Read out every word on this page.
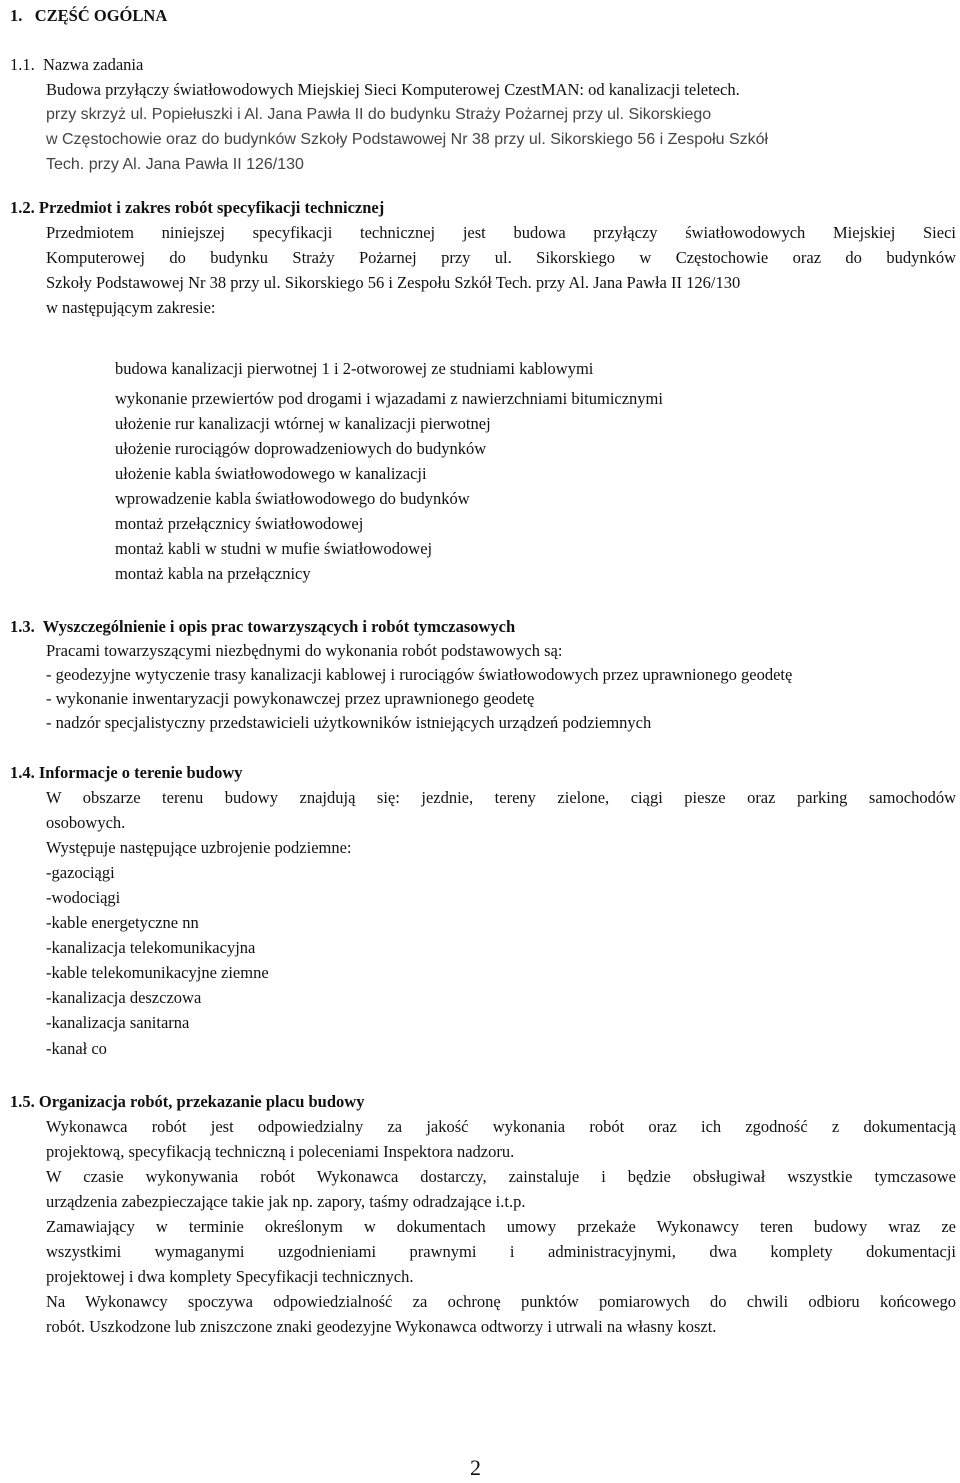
1.   CZĘŚĆ OGÓLNA
1.1.  Nazwa zadania
Budowa przyłączy światłowodowych Miejskiej Sieci Komputerowej CzestMAN: od kanalizacji teletech.
przy skrzyż ul. Popiełuszki i Al. Jana Pawła II do budynku Straży Pożarnej przy ul. Sikorskiego
w Częstochowie oraz do budynków Szkoły Podstawowej Nr 38 przy ul. Sikorskiego 56 i Zespołu Szkół
Tech. przy Al. Jana Pawła II 126/130
1.2. Przedmiot i zakres robót specyfikacji technicznej
Przedmiotem niniejszej specyfikacji technicznej jest budowa przyłączy światłowodowych Miejskiej Sieci
Komputerowej do budynku Straży Pożarnej przy ul. Sikorskiego w Częstochowie oraz do budynków
Szkoły Podstawowej Nr 38 przy ul. Sikorskiego 56 i Zespołu Szkół Tech. przy Al. Jana Pawła II 126/130
w następującym zakresie:
budowa kanalizacji pierwotnej 1 i 2-otworowej ze studniami kablowymi
wykonanie przewiertów pod drogami i wjazadami z nawierzchniami bitumicznymi
ułożenie rur kanalizacji wtórnej w kanalizacji pierwotnej
ułożenie rurociągów doprowadzeniowych do budynków
ułożenie kabla światłowodowego w kanalizacji
wprowadzenie kabla światłowodowego do budynków
montaż przełącznicy światłowodowej
montaż kabli w studni w mufie światłowodowej
montaż kabla na przełącznicy
1.3.  Wyszczególnienie i opis prac towarzyszących i robót tymczasowych
Pracami towarzyszącymi niezbędnymi do wykonania robót podstawowych są:
- geodezyjne wytyczenie trasy kanalizacji kablowej i rurociągów światłowodowych przez uprawnionego geodetę
- wykonanie inwentaryzacji powykonawczej przez uprawnionego geodetę
- nadzór specjalistyczny przedstawicieli użytkowników istniejących urządzeń podziemnych
1.4. Informacje o terenie budowy
W obszarze terenu budowy znajdują się: jezdnie, tereny zielone, ciągi piesze oraz parking samochodów
osobowych.
Występuje następujące uzbrojenie podziemne:
-gazociągi
-wodociągi
-kable energetyczne nn
-kanalizacja telekomunikacyjna
-kable telekomunikacyjne ziemne
-kanalizacja deszczowa
-kanalizacja sanitarna
-kanał co
1.5. Organizacja robót, przekazanie placu budowy
Wykonawca robót jest odpowiedzialny za jakość wykonania robót oraz ich zgodność z dokumentacją
projektową, specyfikacją techniczną i poleceniami Inspektora nadzoru.
W czasie wykonywania robót Wykonawca dostarczy, zainstaluje i będzie obsługiwał wszystkie tymczasowe
urządzenia zabezpieczające takie jak np. zapory, taśmy odradzające i.t.p.
Zamawiający w terminie określonym w dokumentach umowy przekaże Wykonawcy teren budowy wraz ze
wszystkimi wymaganymi uzgodnieniami prawnymi i administracyjnymi, dwa komplety dokumentacji
projektowej i dwa komplety Specyfikacji technicznych.
Na Wykonawcy spoczywa odpowiedzialność za ochronę punktów pomiarowych do chwili odbioru końcowego
robót. Uszkodzone lub zniszczone znaki geodezyjne Wykonawca odtworzy i utrwali na własny koszt.
2
